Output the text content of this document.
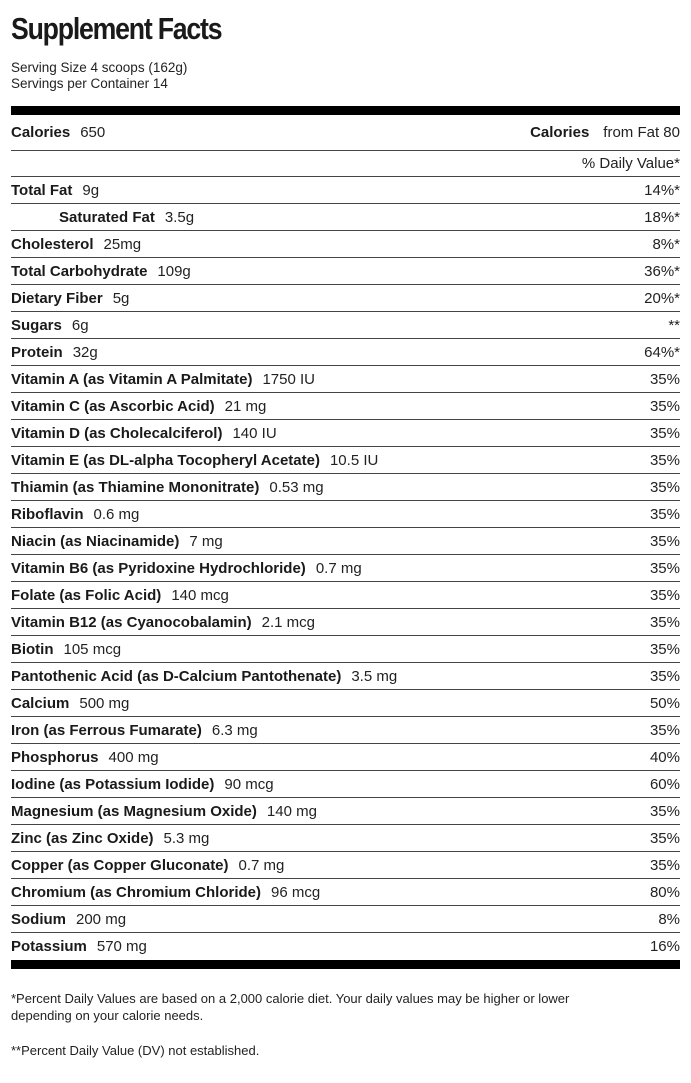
Supplement Facts
Serving Size 4 scoops (162g)
Servings per Container 14
Calories 650	Calories from Fat 80
% Daily Value*
Total Fat 9g	14%*
Saturated Fat 3.5g	18%*
Cholesterol 25mg	8%*
Total Carbohydrate 109g	36%*
Dietary Fiber 5g	20%*
Sugars 6g	**
Protein 32g	64%*
Vitamin A (as Vitamin A Palmitate) 1750 IU	35%
Vitamin C (as Ascorbic Acid) 21 mg	35%
Vitamin D (as Cholecalciferol) 140 IU	35%
Vitamin E (as DL-alpha Tocopheryl Acetate) 10.5 IU	35%
Thiamin (as Thiamine Mononitrate) 0.53 mg	35%
Riboflavin 0.6 mg	35%
Niacin (as Niacinamide) 7 mg	35%
Vitamin B6 (as Pyridoxine Hydrochloride) 0.7 mg	35%
Folate (as Folic Acid) 140 mcg	35%
Vitamin B12 (as Cyanocobalamin) 2.1 mcg	35%
Biotin 105 mcg	35%
Pantothenic Acid (as D-Calcium Pantothenate) 3.5 mg	35%
Calcium 500 mg	50%
Iron (as Ferrous Fumarate) 6.3 mg	35%
Phosphorus 400 mg	40%
Iodine (as Potassium Iodide) 90 mcg	60%
Magnesium (as Magnesium Oxide) 140 mg	35%
Zinc (as Zinc Oxide) 5.3 mg	35%
Copper (as Copper Gluconate) 0.7 mg	35%
Chromium (as Chromium Chloride) 96 mcg	80%
Sodium 200 mg	8%
Potassium 570 mg	16%
*Percent Daily Values are based on a 2,000 calorie diet. Your daily values may be higher or lower depending on your calorie needs.
**Percent Daily Value (DV) not established.
